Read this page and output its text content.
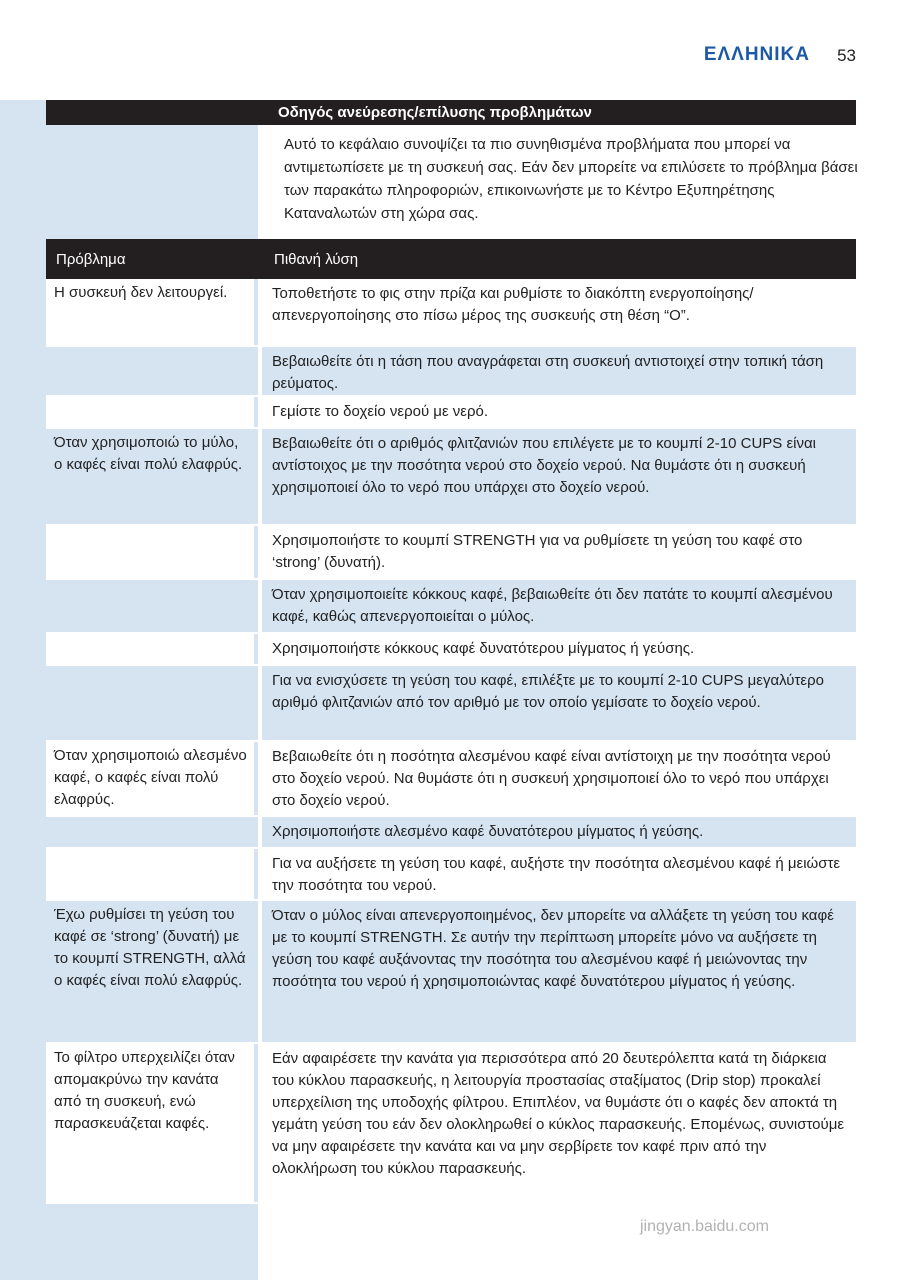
ΕΛΛΗΝΙΚΑ 53
Οδηγός ανεύρεσης/επίλυσης προβλημάτων
Αυτό το κεφάλαιο συνοψίζει τα πιο συνηθισμένα προβλήματα που μπορεί να αντιμετωπίσετε με τη συσκευή σας. Εάν δεν μπορείτε να επιλύσετε το πρόβλημα βάσει των παρακάτω πληροφοριών, επικοινωνήστε με το Κέντρο Εξυπηρέτησης Καταναλωτών στη χώρα σας.
Πρόβλημα	Πιθανή λύση
Η συσκευή δεν λειτουργεί.	Τοποθετήστε το φις στην πρίζα και ρυθμίστε το διακόπτη ενεργοποίησης/απενεργοποίησης στο πίσω μέρος της συσκευής στη θέση “O”.
Βεβαιωθείτε ότι η τάση που αναγράφεται στη συσκευή αντιστοιχεί στην τοπική τάση ρεύματος.
Γεμίστε το δοχείο νερού με νερό.
Όταν χρησιμοποιώ το μύλο, ο καφές είναι πολύ ελαφρύς.
Βεβαιωθείτε ότι ο αριθμός φλιτζανιών που επιλέγετε με το κουμπί 2-10 CUPS είναι αντίστοιχος με την ποσότητα νερού στο δοχείο νερού. Να θυμάστε ότι η συσκευή χρησιμοποιεί όλο το νερό που υπάρχει στο δοχείο νερού.
Χρησιμοποιήστε το κουμπί STRENGTH για να ρυθμίσετε τη γεύση του καφέ στο ‘strong’ (δυνατή).
Όταν χρησιμοποιείτε κόκκους καφέ, βεβαιωθείτε ότι δεν πατάτε το κουμπί αλεσμένου καφέ, καθώς απενεργοποιείται ο μύλος.
Χρησιμοποιήστε κόκκους καφέ δυνατότερου μίγματος ή γεύσης.
Για να ενισχύσετε τη γεύση του καφέ, επιλέξτε με το κουμπί 2-10 CUPS μεγαλύτερο αριθμό φλιτζανιών από τον αριθμό με τον οποίο γεμίσατε το δοχείο νερού.
Όταν χρησιμοποιώ αλεσμένο καφέ, ο καφές είναι πολύ ελαφρύς.
Βεβαιωθείτε ότι η ποσότητα αλεσμένου καφέ είναι αντίστοιχη με την ποσότητα νερού στο δοχείο νερού. Να θυμάστε ότι η συσκευή χρησιμοποιεί όλο το νερό που υπάρχει στο δοχείο νερού.
Χρησιμοποιήστε αλεσμένο καφέ δυνατότερου μίγματος ή γεύσης.
Για να αυξήσετε τη γεύση του καφέ, αυξήστε την ποσότητα αλεσμένου καφέ ή μειώστε την ποσότητα του νερού.
Έχω ρυθμίσει τη γεύση του καφέ σε ‘strong’ (δυνατή) με το κουμπί STRENGTH, αλλά ο καφές είναι πολύ ελαφρύς.
Όταν ο μύλος είναι απενεργοποιημένος, δεν μπορείτε να αλλάξετε τη γεύση του καφέ με το κουμπί STRENGTH. Σε αυτήν την περίπτωση μπορείτε μόνο να αυξήσετε τη γεύση του καφέ αυξάνοντας την ποσότητα του αλεσμένου καφέ ή μειώνοντας την ποσότητα του νερού ή χρησιμοποιώντας καφέ δυνατότερου μίγματος ή γεύσης.
Το φίλτρο υπερχειλίζει όταν απομακρύνω την κανάτα από τη συσκευή, ενώ παρασκευάζεται καφές.
Εάν αφαιρέσετε την κανάτα για περισσότερα από 20 δευτερόλεπτα κατά τη διάρκεια του κύκλου παρασκευής, η λειτουργία προστασίας σταξίματος (Drip stop) προκαλεί υπερχείλιση της υποδοχής φίλτρου. Επιπλέον, να θυμάστε ότι ο καφές δεν αποκτά τη γεμάτη γεύση του εάν δεν ολοκληρωθεί ο κύκλος παρασκευής. Επομένως, συνιστούμε να μην αφαιρέσετε την κανάτα και να μην σερβίρετε τον καφέ πριν από την ολοκλήρωση του κύκλου παρασκευής.
Baidu 经验
jingyan.baidu.com
